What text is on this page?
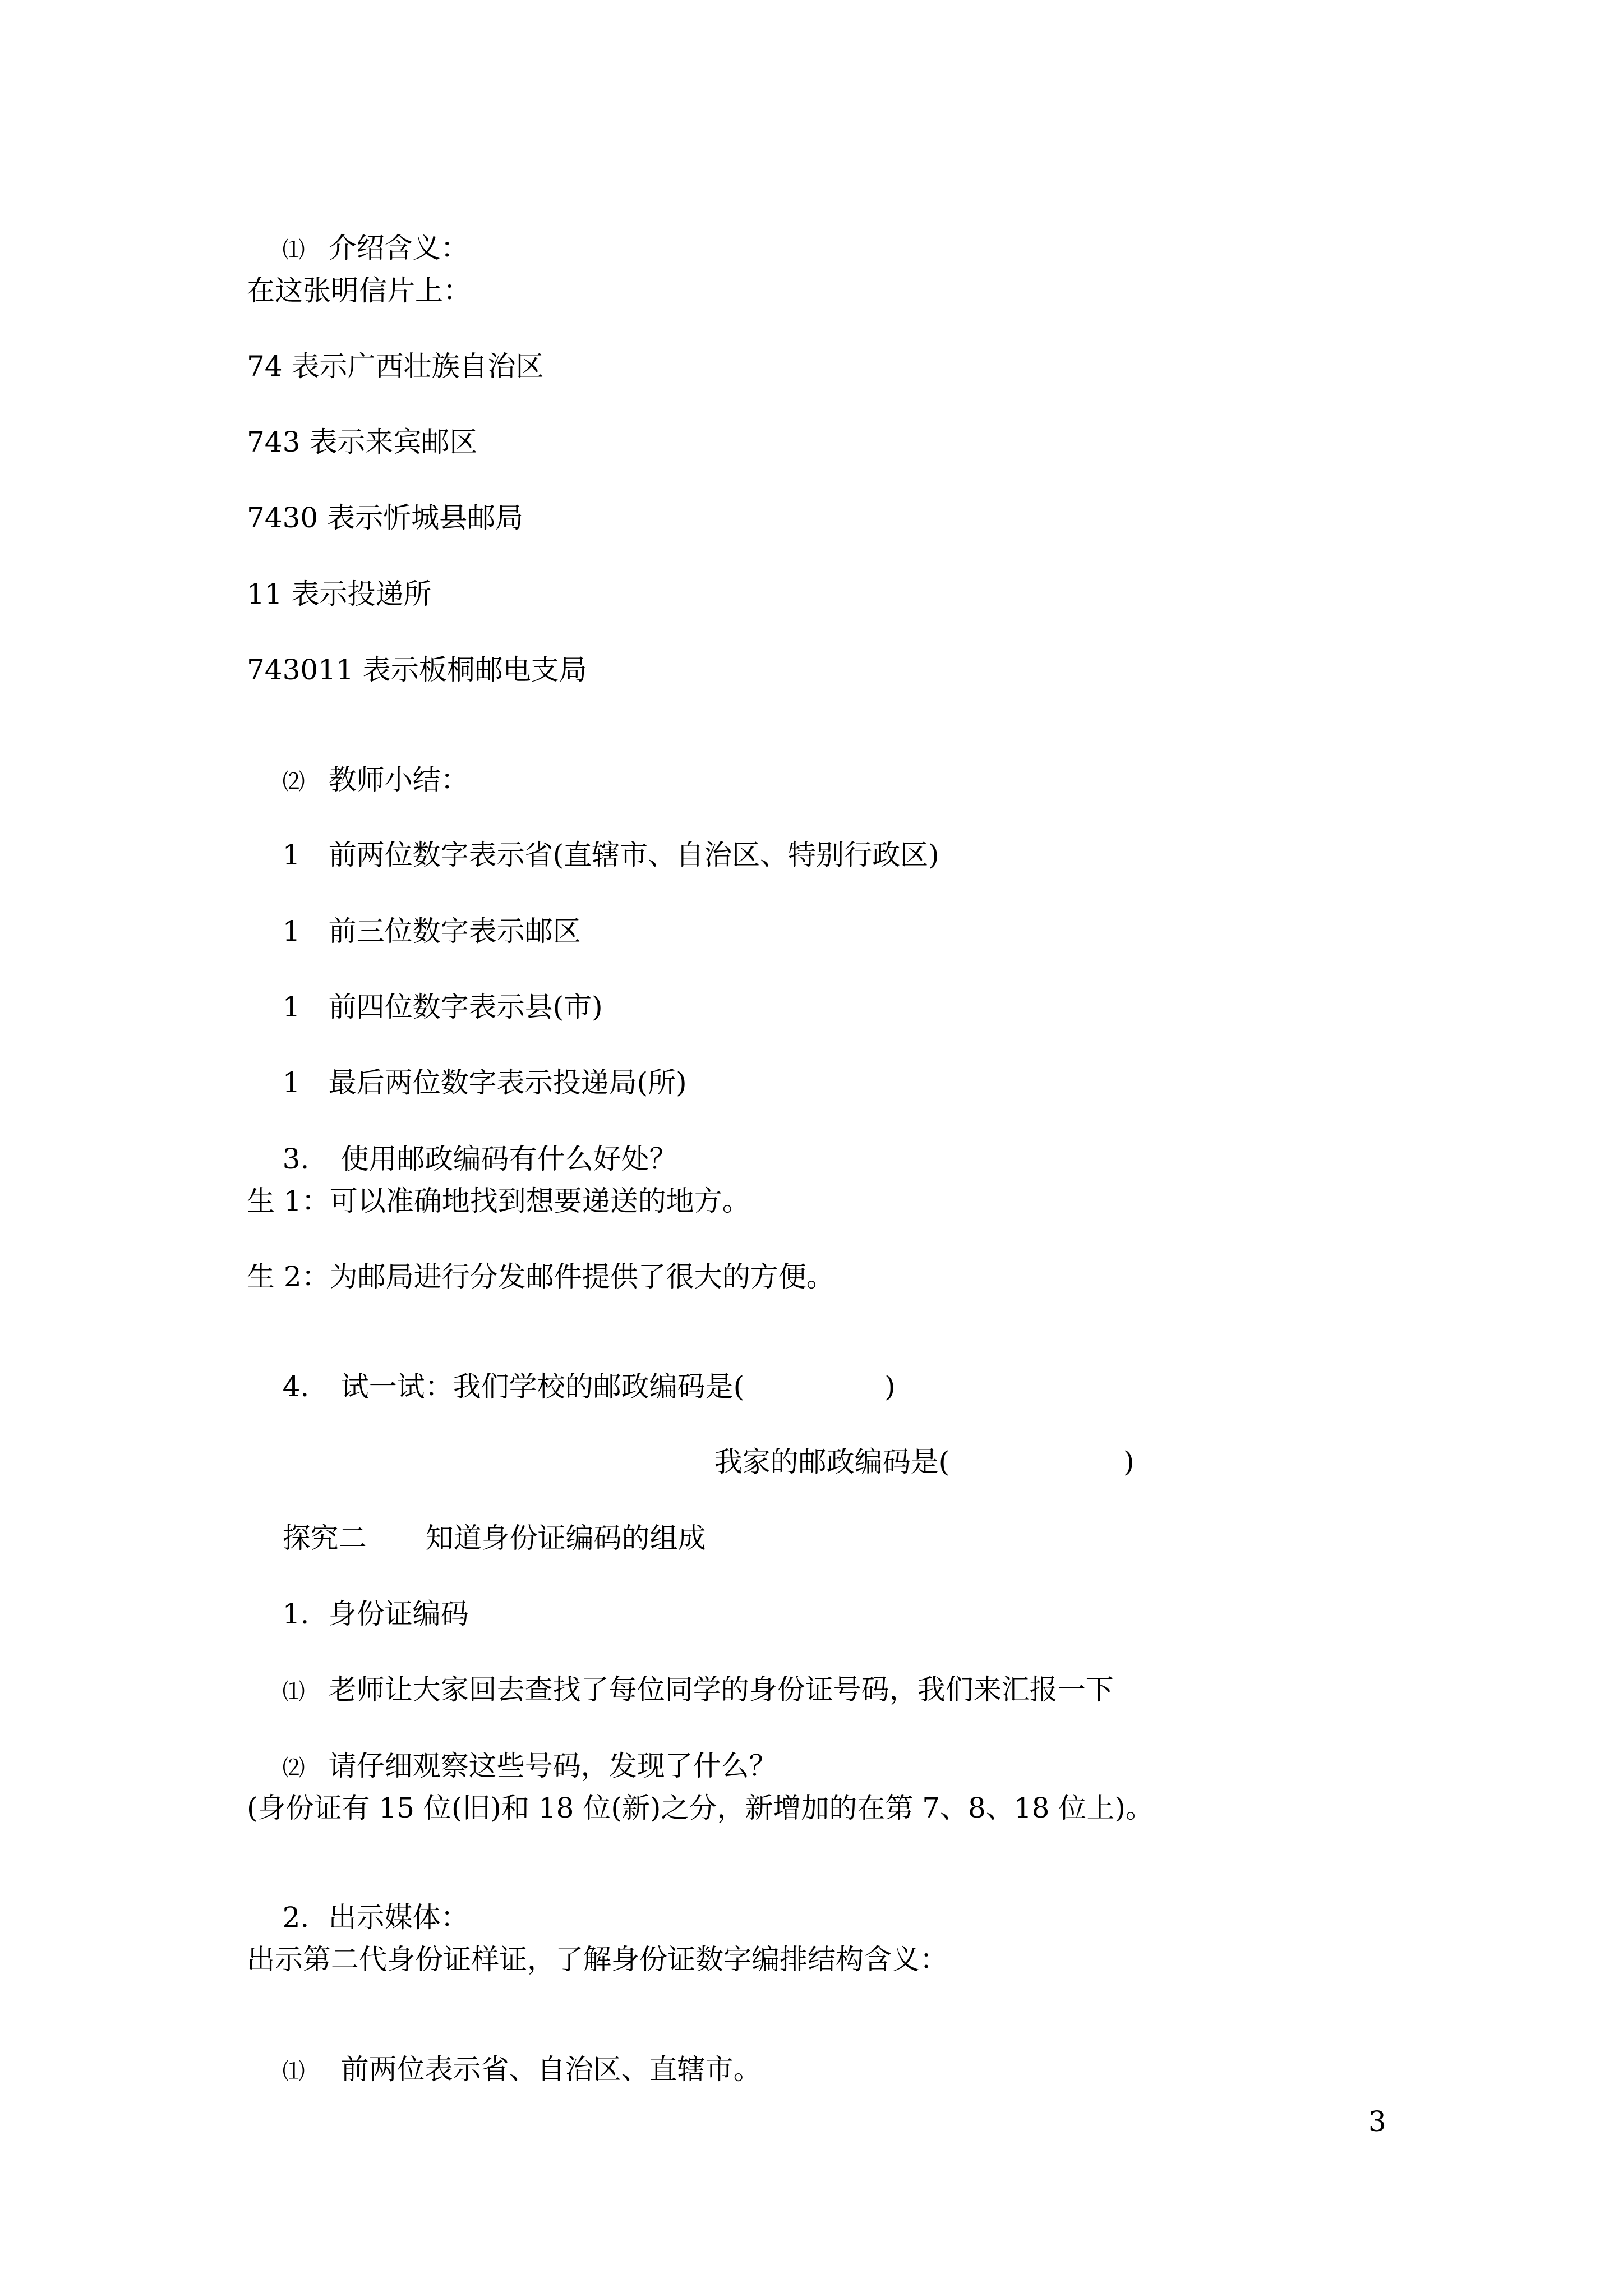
⑴ 介绍含义：

在这张明信片上：
74 表示广西壮族自治区
743 表示来宾邮区
7430 表示忻城县邮局
11 表示投递所
743011 表示板桐邮电支局

⑵ 教师小结：

1 前两位数字表示省(直辖市、自治区、特别行政区)

1 前三位数字表示邮区

1 前四位数字表示县(市)

1 最后两位数字表示投递局(所)

3. 使用邮政编码有什么好处？

生 1：可以准确地找到想要递送的地方。
生 2：为邮局进行分发邮件提供了很大的方便。

4. 试一试：我们学校的邮政编码是(	)

我家的邮政编码是(	)

探究二 知道身份证编码的组成

1. 身份证编码

⑴ 老师让大家回去查找了每位同学的身份证号码，我们来汇报一下

⑵ 请仔细观察这些号码，发现了什么？

(身份证有 15 位(旧)和 18 位(新)之分，新增加的在第 7、8、18 位上)。

2. 出示媒体：

出示第二代身份证样证，了解身份证数字编排结构含义：

⑴ 前两位表示省、自治区、直辖市。

3
